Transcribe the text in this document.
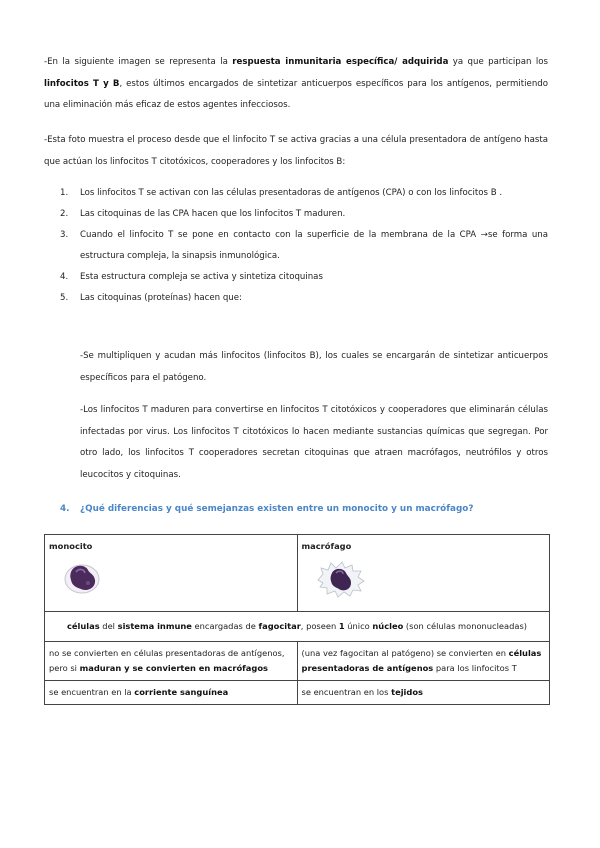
-En la siguiente imagen se representa la respuesta inmunitaria específica/ adquirida ya que participan los linfocitos T y B, estos últimos encargados de sintetizar anticuerpos específicos para los antígenos, permitiendo una eliminación más eficaz de estos agentes infecciosos.

-Esta foto muestra el proceso desde que el linfocito T se activa gracias a una célula presentadora de antígeno hasta que actúan los linfocitos T citotóxicos, cooperadores y los linfocitos B:

1. Los linfocitos T se activan con las células presentadoras de antígenos (CPA) o con los linfocitos B .
2. Las citoquinas de las CPA hacen que los linfocitos T maduren.
3. Cuando el linfocito T se pone en contacto con la superficie de la membrana de la CPA →se forma una estructura compleja, la sinapsis inmunológica.
4. Esta estructura compleja se activa y sintetiza citoquinas
5. Las citoquinas (proteínas) hacen que:

-Se multipliquen y acudan más linfocitos (linfocitos B), los cuales se encargarán de sintetizar anticuerpos específicos para el patógeno.

-Los linfocitos T maduren para convertirse en linfocitos T citotóxicos y cooperadores que eliminarán células infectadas por virus. Los linfocitos T citotóxicos lo hacen mediante sustancias químicas que segregan. Por otro lado, los linfocitos T cooperadores secretan citoquinas que atraen macrófagos, neutrófilos y otros leucocitos y citoquinas.

4. ¿Qué diferencias y qué semejanzas existen entre un monocito y un macrófago?
monocito	macrófago

células del sistema inmune encargadas de fagocitar, poseen 1 único núcleo (son células mononucleadas)	
no se convierten en células presentadoras de antígenos, pero si maduran y se convierten en macrófagos	(una vez fagocitan al patógeno) se convierten en células presentadoras de antígenos para los linfocitos T
se encuentran en la corriente sanguínea	se encuentran en los tejidos
